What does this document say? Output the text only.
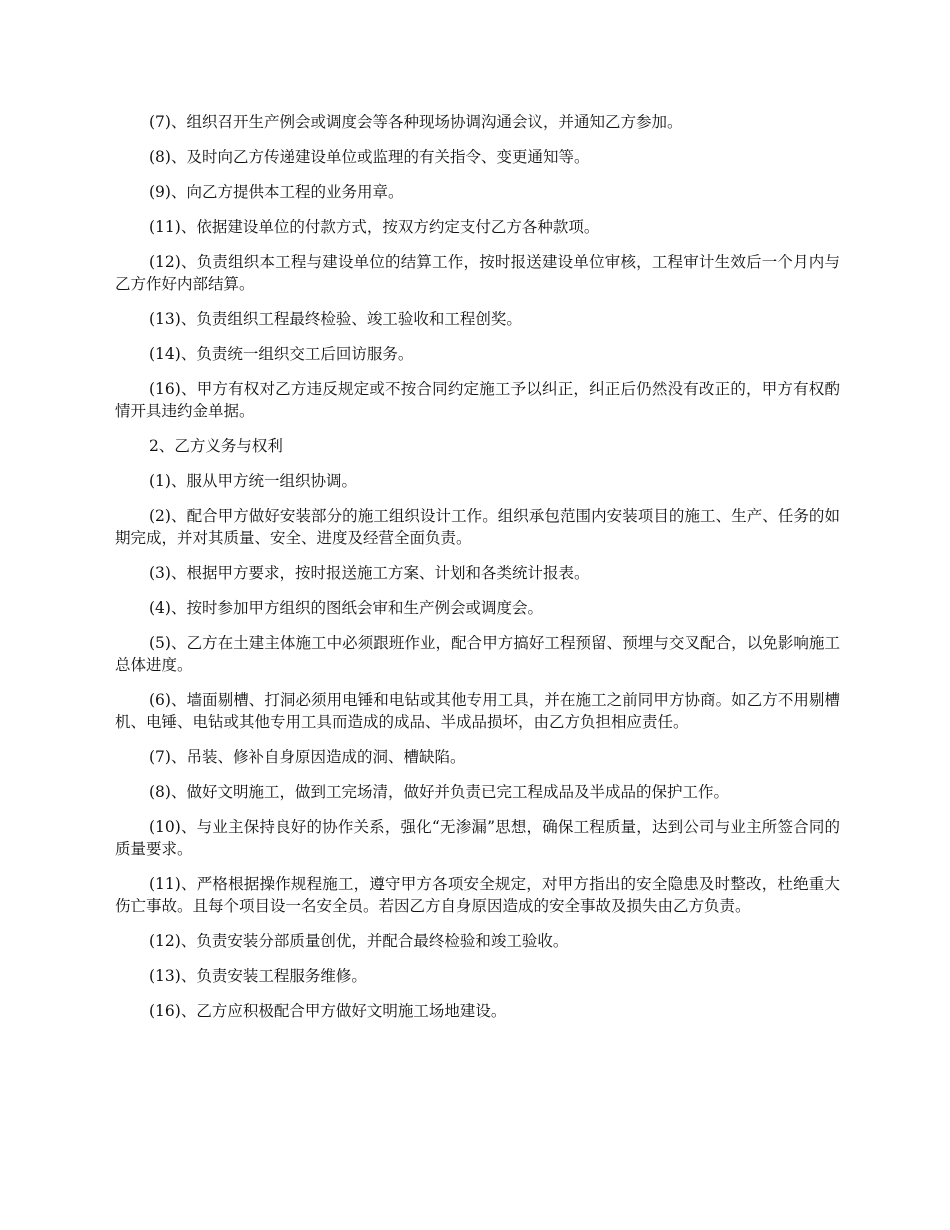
(7)、组织召开生产例会或调度会等各种现场协调沟通会议，并通知乙方参加。

(8)、及时向乙方传递建设单位或监理的有关指令、变更通知等。

(9)、向乙方提供本工程的业务用章。

(11)、依据建设单位的付款方式，按双方约定支付乙方各种款项。

(12)、负责组织本工程与建设单位的结算工作，按时报送建设单位审核，工程审计生效后一个月内与乙方作好内部结算。

(13)、负责组织工程最终检验、竣工验收和工程创奖。

(14)、负责统一组织交工后回访服务。

(16)、甲方有权对乙方违反规定或不按合同约定施工予以纠正，纠正后仍然没有改正的，甲方有权酌情开具违约金单据。

2、乙方义务与权利

(1)、服从甲方统一组织协调。

(2)、配合甲方做好安装部分的施工组织设计工作。组织承包范围内安装项目的施工、生产、任务的如期完成，并对其质量、安全、进度及经营全面负责。

(3)、根据甲方要求，按时报送施工方案、计划和各类统计报表。

(4)、按时参加甲方组织的图纸会审和生产例会或调度会。

(5)、乙方在土建主体施工中必须跟班作业，配合甲方搞好工程预留、预埋与交叉配合，以免影响施工总体进度。

(6)、墙面剔槽、打洞必须用电锤和电钻或其他专用工具，并在施工之前同甲方协商。如乙方不用剔槽机、电锤、电钻或其他专用工具而造成的成品、半成品损坏，由乙方负担相应责任。

(7)、吊装、修补自身原因造成的洞、槽缺陷。

(8)、做好文明施工，做到工完场清，做好并负责已完工程成品及半成品的保护工作。

(10)、与业主保持良好的协作关系，强化“无渗漏”思想，确保工程质量，达到公司与业主所签合同的质量要求。

(11)、严格根据操作规程施工，遵守甲方各项安全规定，对甲方指出的安全隐患及时整改，杜绝重大伤亡事故。且每个项目设一名安全员。若因乙方自身原因造成的安全事故及损失由乙方负责。

(12)、负责安装分部质量创优，并配合最终检验和竣工验收。

(13)、负责安装工程服务维修。

(16)、乙方应积极配合甲方做好文明施工场地建设。
